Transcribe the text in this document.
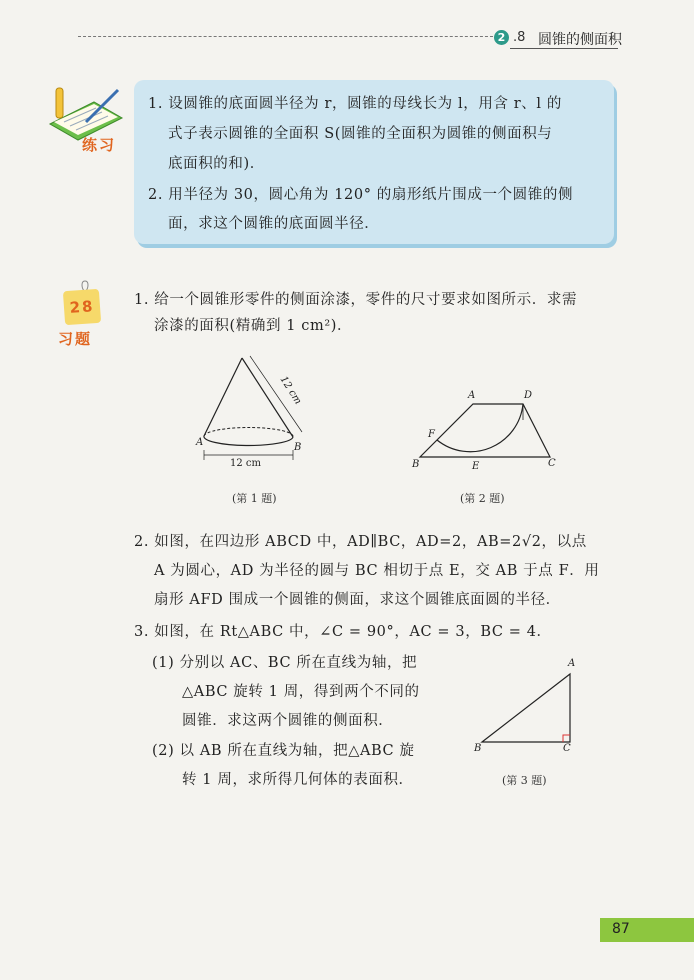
2 .8 圆锥的侧面积
练习
1. 设圆锥的底面圆半径为 r，圆锥的母线长为 l，用含 r、l 的
式子表示圆锥的全面积 S(圆锥的全面积为圆锥的侧面积与
底面积的和)．
2. 用半径为 30，圆心角为 120° 的扇形纸片围成一个圆锥的侧
面，求这个圆锥的底面圆半径．
28
习题
1. 给一个圆锥形零件的侧面涂漆，零件的尺寸要求如图所示．求需
涂漆的面积(精确到 1 cm²)．
12 cm
12 cm
A	B
(第 1 题)
A	D
F
B	E	C
(第 2 题)
2. 如图，在四边形 ABCD 中，AD∥BC，AD=2，AB=2√2，以点
A 为圆心，AD 为半径的圆与 BC 相切于点 E，交 AB 于点 F．用
扇形 AFD 围成一个圆锥的侧面，求这个圆锥底面圆的半径．
3. 如图，在 Rt△ABC 中，∠C = 90°，AC = 3，BC = 4．
(1) 分别以 AC、BC 所在直线为轴，把
△ABC 旋转 1 周，得到两个不同的
圆锥．求这两个圆锥的侧面积．
(2) 以 AB 所在直线为轴，把△ABC 旋
转 1 周，求所得几何体的表面积．
A
B	C
(第 3 题)
87
